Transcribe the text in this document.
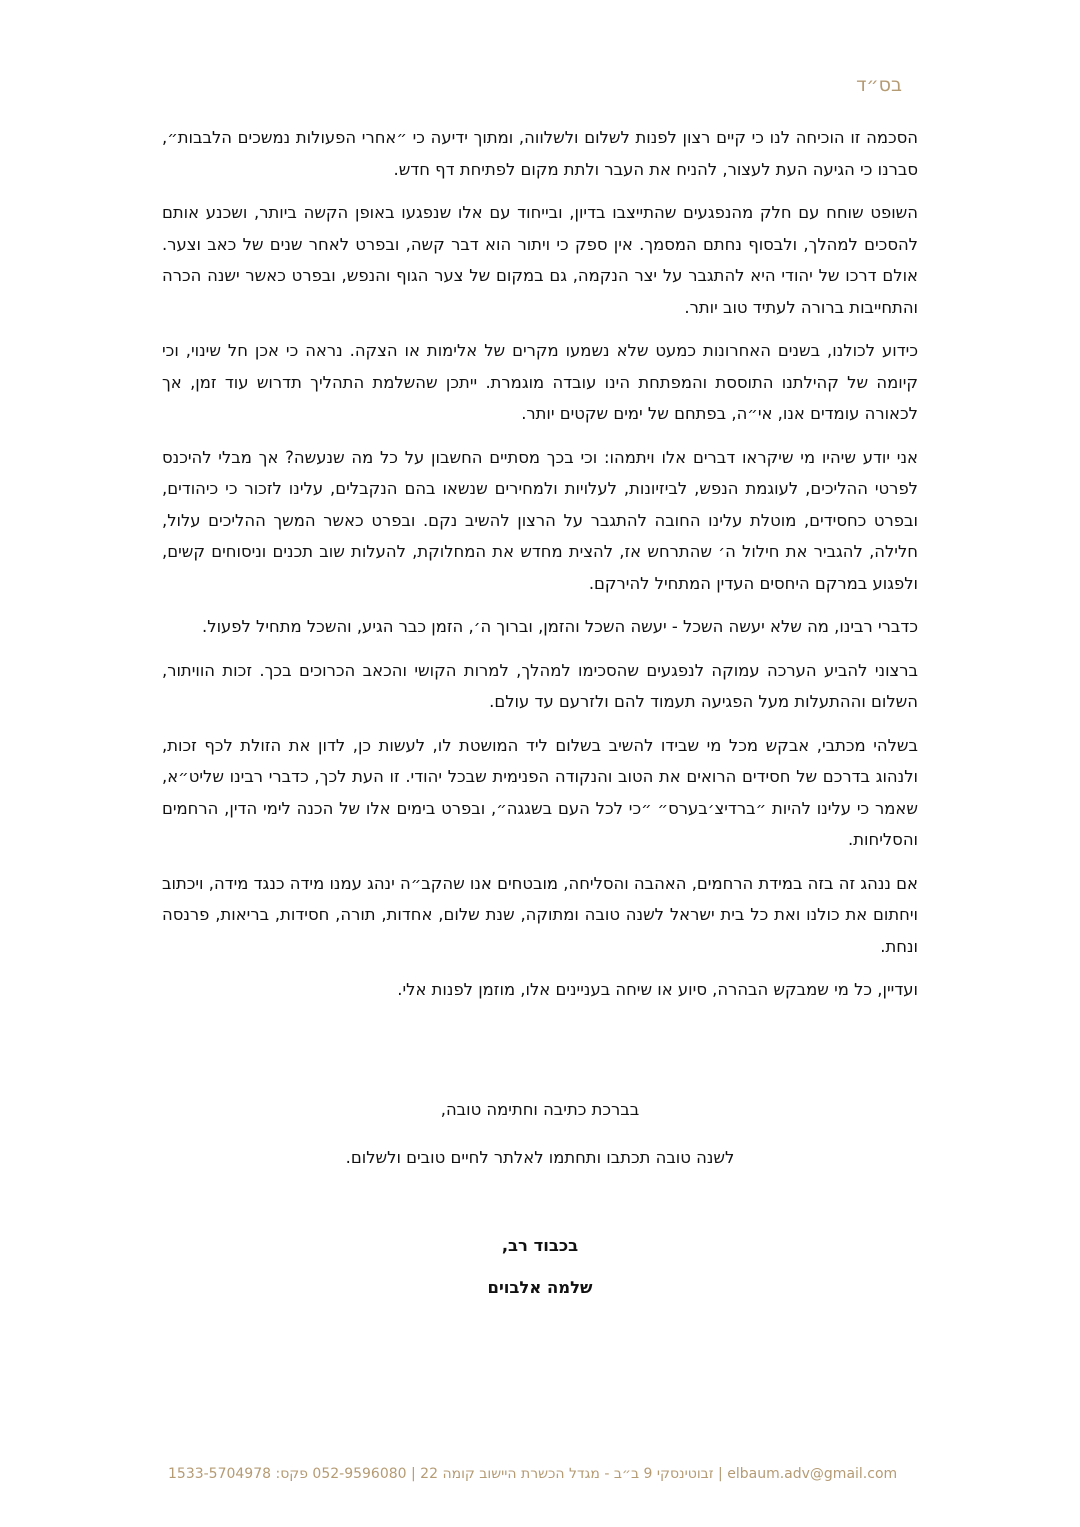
בס״ד

הסכמה זו הוכיחה לנו כי קיים רצון לפנות לשלום ולשלווה, ומתוך ידיעה כי ״אחרי הפעולות נמשכים הלבבות״, סברנו כי הגיעה העת לעצור, להניח את העבר ולתת מקום לפתיחת דף חדש.

השופט שוחח עם חלק מהנפגעים שהתייצבו בדיון, ובייחוד עם אלו שנפגעו באופן הקשה ביותר, ושכנע אותם להסכים למהלך, ולבסוף נחתם המסמך. אין ספק כי ויתור הוא דבר קשה, ובפרט לאחר שנים של כאב וצער. אולם דרכו של יהודי היא להתגבר על יצר הנקמה, גם במקום של צער הגוף והנפש, ובפרט כאשר ישנה הכרה והתחייבות ברורה לעתיד טוב יותר.

כידוע לכולנו, בשנים האחרונות כמעט שלא נשמעו מקרים של אלימות או הצקה. נראה כי אכן חל שינוי, וכי קיומה של קהילתנו התוססת והמפתחת הינו עובדה מוגמרת. ייתכן שהשלמת התהליך תדרוש עוד זמן, אך לכאורה עומדים אנו, אי״ה, בפתחם של ימים שקטים יותר.

אני יודע שיהיו מי שיקראו דברים אלו ויתמהו: וכי בכך מסתיים החשבון על כל מה שנעשה? אך מבלי להיכנס לפרטי ההליכים, לעוגמת הנפש, לביזיונות, לעלויות ולמחירים שנשאו בהם הנקבלים, עלינו לזכור כי כיהודים, ובפרט כחסידים, מוטלת עלינו החובה להתגבר על הרצון להשיב נקם. ובפרט כאשר המשך ההליכים עלול, חלילה, להגביר את חילול ה׳ שהתרחש אז, להצית מחדש את המחלוקת, להעלות שוב תכנים וניסוחים קשים, ולפגוע במרקם היחסים העדין המתחיל להירקם.

כדברי רבינו, מה שלא יעשה השכל - יעשה השכל והזמן, וברוך ה׳, הזמן כבר הגיע, והשכל מתחיל לפעול.

ברצוני להביע הערכה עמוקה לנפגעים שהסכימו למהלך, למרות הקושי והכאב הכרוכים בכך. זכות הוויתור, השלום וההתעלות מעל הפגיעה תעמוד להם ולזרעם עד עולם.

בשלהי מכתבי, אבקש מכל מי שבידו להשיב בשלום ליד המושטת לו, לעשות כן, לדון את הזולת לכף זכות, ולנהוג בדרכם של חסידים הרואים את הטוב והנקודה הפנימית שבכל יהודי. זו העת לכך, כדברי רבינו שליט״א, שאמר כי עלינו להיות ״ברדיצ׳בערס״ ״כי לכל העם בשגגה״, ובפרט בימים אלו של הכנה לימי הדין, הרחמים והסליחות.

אם ננהג זה בזה במידת הרחמים, האהבה והסליחה, מובטחים אנו שהקב״ה ינהג עמנו מידה כנגד מידה, ויכתוב ויחתום את כולנו ואת כל בית ישראל לשנה טובה ומתוקה, שנת שלום, אחדות, תורה, חסידות, בריאות, פרנסה ונחת.

ועדיין, כל מי שמבקש הבהרה, סיוע או שיחה בעניינים אלו, מוזמן לפנות אלי.

בברכת כתיבה וחתימה טובה,
לשנה טובה תכתבו ותחתמו לאלתר לחיים טובים ולשלום.
בכבוד רב,
שלמה אלבוים
elbaum.adv@gmail.com | זבוטינסקי 9 ב״ב - מגדל הכשרת היישוב קומה 22 | 052-9596080 פקס: 1533-5704978
